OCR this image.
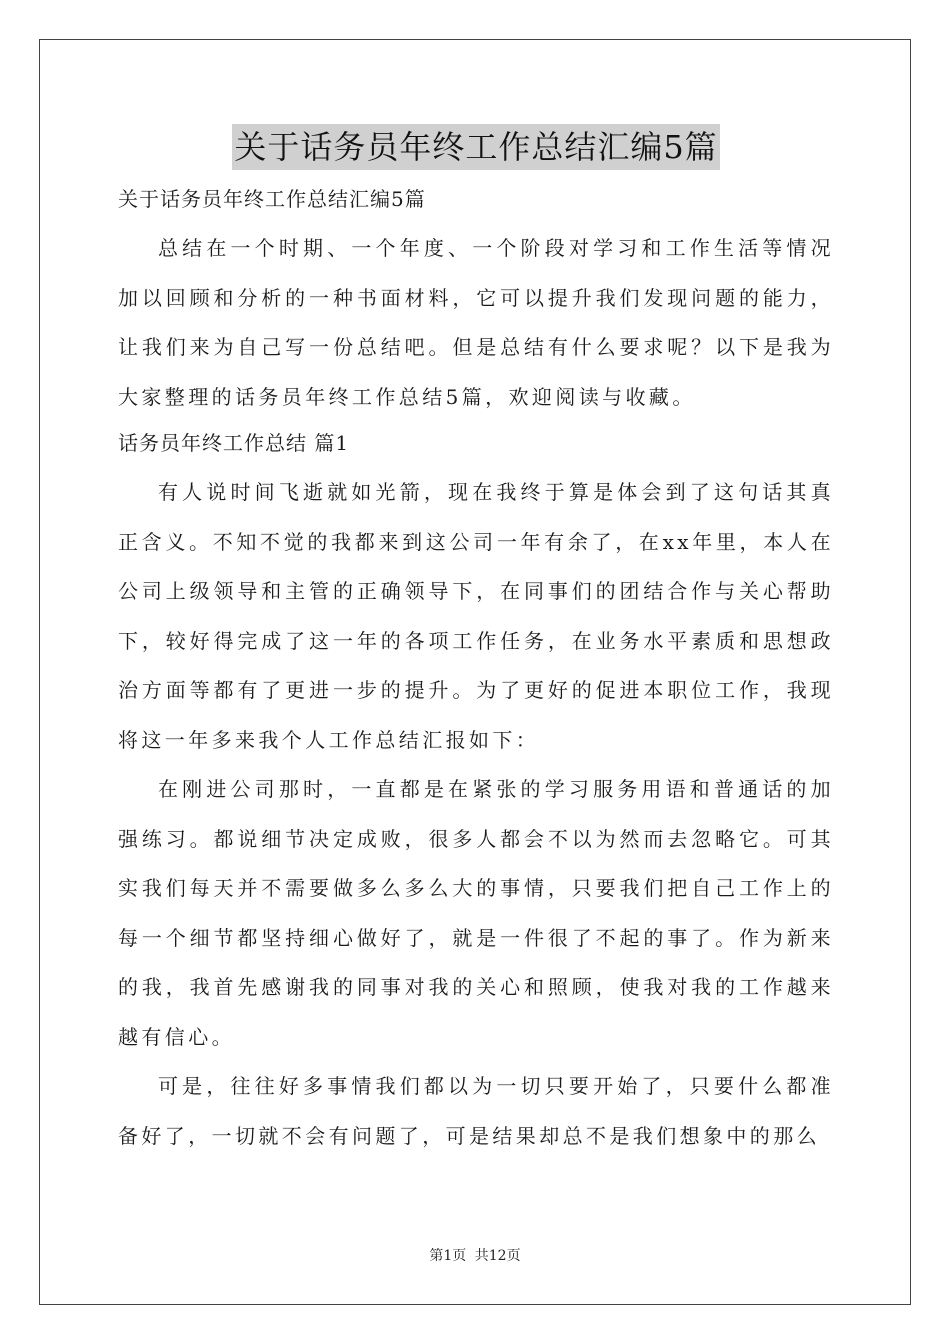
关于话务员年终工作总结汇编5篇
关于话务员年终工作总结汇编5篇

总结在一个时期、一个年度、一个阶段对学习和工作生活等情况加以回顾和分析的一种书面材料，它可以提升我们发现问题的能力，让我们来为自己写一份总结吧。但是总结有什么要求呢？以下是我为大家整理的话务员年终工作总结5篇，欢迎阅读与收藏。

话务员年终工作总结 篇1

有人说时间飞逝就如光箭，现在我终于算是体会到了这句话其真正含义。不知不觉的我都来到这公司一年有余了，在xx年里，本人在公司上级领导和主管的正确领导下，在同事们的团结合作与关心帮助下，较好得完成了这一年的各项工作任务，在业务水平素质和思想政治方面等都有了更进一步的提升。为了更好的促进本职位工作，我现将这一年多来我个人工作总结汇报如下：

在刚进公司那时，一直都是在紧张的学习服务用语和普通话的加强练习。都说细节决定成败，很多人都会不以为然而去忽略它。可其实我们每天并不需要做多么多么大的事情，只要我们把自己工作上的每一个细节都坚持细心做好了，就是一件很了不起的事了。作为新来的我，我首先感谢我的同事对我的关心和照顾，使我对我的工作越来越有信心。

可是，往往好多事情我们都以为一切只要开始了，只要什么都准备好了，一切就不会有问题了，可是结果却总不是我们想象中的那么

第1页 共12页
